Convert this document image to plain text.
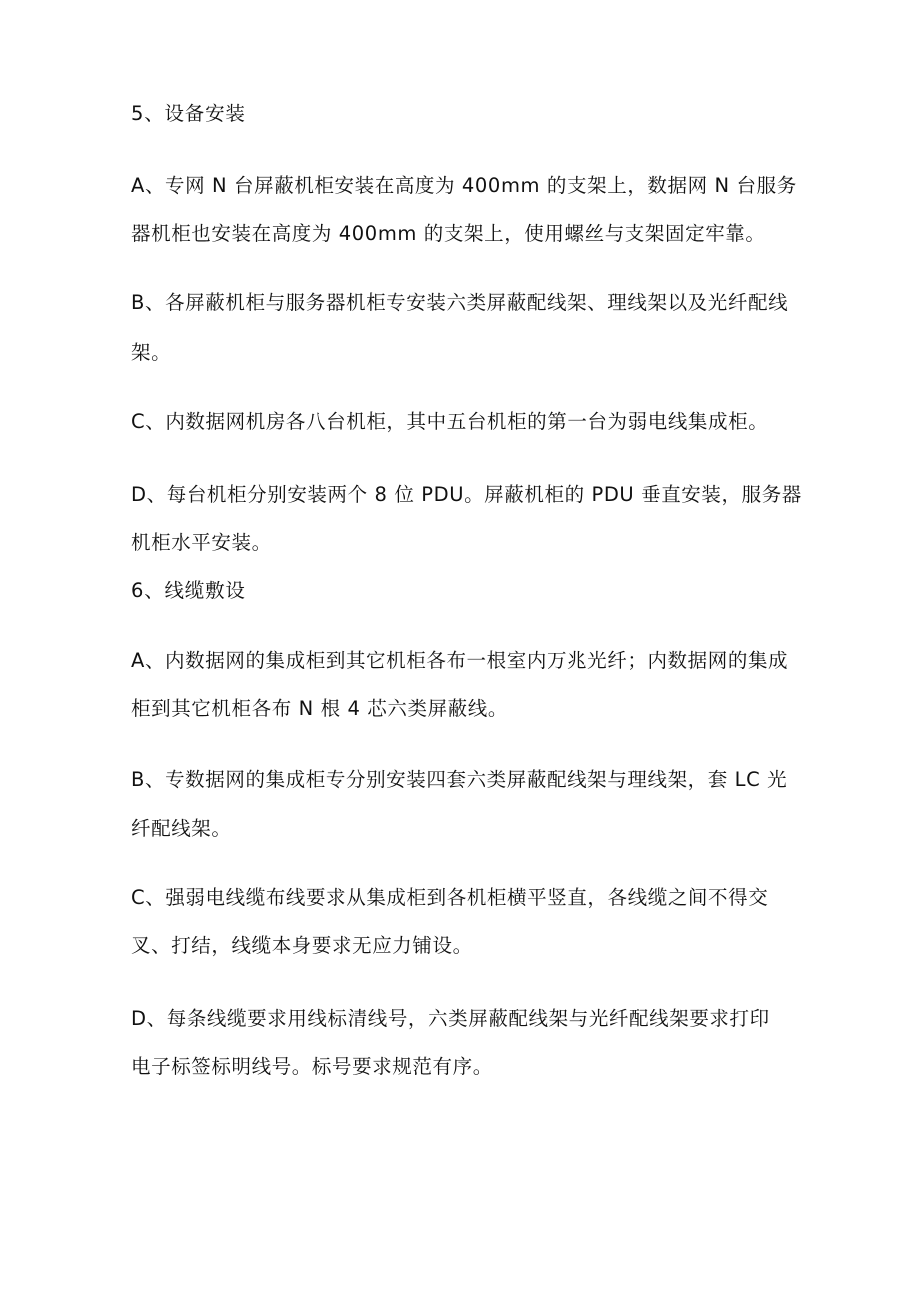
5、设备安装
A、专网 N 台屏蔽机柜安装在高度为 400mm 的支架上，数据网 N 台服务
器机柜也安装在高度为 400mm 的支架上，使用螺丝与支架固定牢靠。
B、各屏蔽机柜与服务器机柜专安装六类屏蔽配线架、理线架以及光纤配线
架。
C、内数据网机房各八台机柜，其中五台机柜的第一台为弱电线集成柜。
D、每台机柜分别安装两个 8 位 PDU。屏蔽机柜的 PDU 垂直安装，服务器
机柜水平安装。
6、线缆敷设
A、内数据网的集成柜到其它机柜各布一根室内万兆光纤；内数据网的集成
柜到其它机柜各布 N 根 4 芯六类屏蔽线。
B、专数据网的集成柜专分别安装四套六类屏蔽配线架与理线架，套 LC 光
纤配线架。
C、强弱电线缆布线要求从集成柜到各机柜横平竖直，各线缆之间不得交
叉、打结，线缆本身要求无应力铺设。
D、每条线缆要求用线标清线号，六类屏蔽配线架与光纤配线架要求打印
电子标签标明线号。标号要求规范有序。
